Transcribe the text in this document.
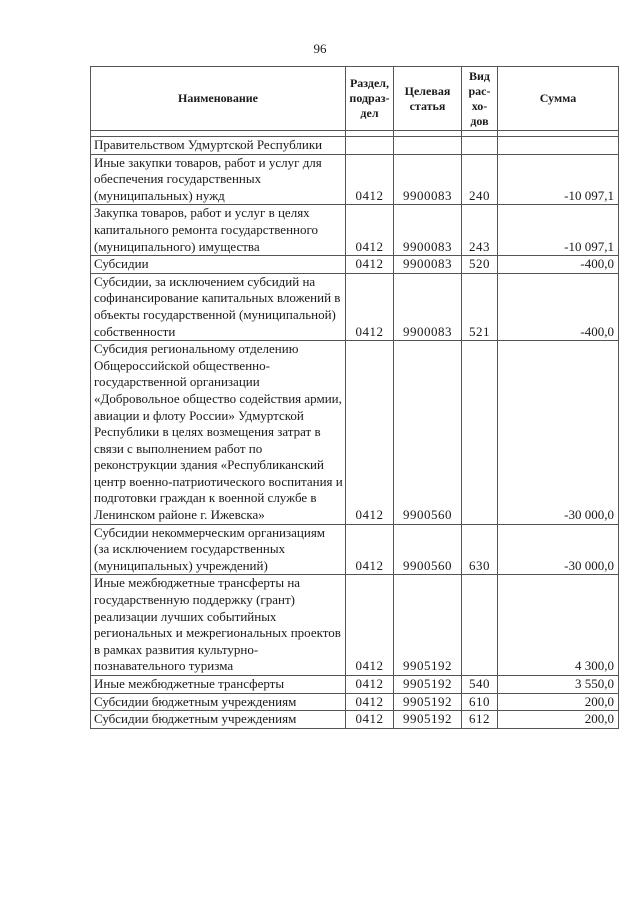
96
Наименование	Раздел, подраз-дел	Целевая статья	Вид рас-хо-дов	Сумма

Правительством Удмуртской Республики				
Иные закупки товаров, работ и услуг для обеспечения государственных (муниципальных) нужд	0412	9900083	240	-10 097,1
Закупка товаров, работ и услуг в целях капитального ремонта государственного (муниципального) имущества	0412	9900083	243	-10 097,1
Субсидии	0412	9900083	520	-400,0
Субсидии, за исключением субсидий на софинансирование капитальных вложений в объекты государственной (муниципальной) собственности	0412	9900083	521	-400,0
Субсидия региональному отделению Общероссийской общественно-государственной организации «Добровольное общество содействия армии, авиации и флоту России» Удмуртской Республики в целях возмещения затрат в связи с выполнением работ по реконструкции здания «Республиканский центр военно-патриотического воспитания и подготовки граждан к военной службе в Ленинском районе г. Ижевска»	0412	9900560		-30 000,0
Субсидии некоммерческим организациям (за исключением государственных (муниципальных) учреждений)	0412	9900560	630	-30 000,0
Иные межбюджетные трансферты на государственную поддержку (грант) реализации лучших событийных региональных и межрегиональных проектов в рамках развития культурно-познавательного туризма	0412	9905192		4 300,0
Иные межбюджетные трансферты	0412	9905192	540	3 550,0
Субсидии бюджетным учреждениям	0412	9905192	610	200,0
Субсидии бюджетным учреждениям	0412	9905192	612	200,0
